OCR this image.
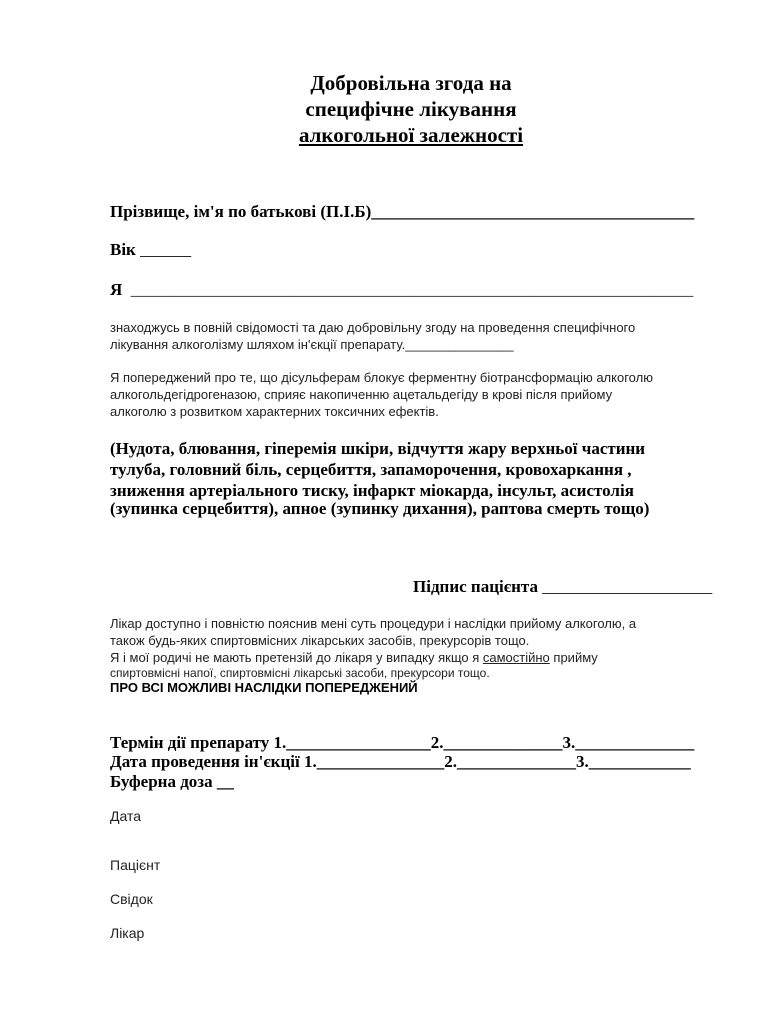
Добровільна згода на
специфічне лікування
алкогольної залежності
Прізвище, ім'я по батькові (П.І.Б)______________________________________
Вік ______
Я ___________________________________________________________________________
знаходжусь в повній свідомості та даю добровільну згоду на проведення специфічного
лікування алкоголізму шляхом ін'єкції препарату._______________
Я попереджений про те, що дісульферам блокує ферментну біотрансформацію алкоголю
алкогольдегідрогеназою, сприяє накопиченню ацетальдегіду в крові після прийому
алкоголю з розвитком характерних токсичних ефектів.
(Нудота, блювання, гіперемія шкіри, відчуття жару верхньої частини
тулуба, головний біль, серцебиття, запаморочення, кровохаркання ,
зниження артеріального тиску, інфаркт міокарда, інсульт, асистолія
(зупинка серцебиття), апное (зупинку дихання), раптова смерть тощо)
Підпис пацієнта ____________________
Лікар доступно і повністю пояснив мені суть процедури і наслідки прийому алкоголю, а
також будь-яких спиртовмісних лікарських засобів, прекурсорів тощо.
Я і мої родичі не мають претензій до лікаря у випадку якщо я самостійно прийму
спиртовмісні напої, спиртовмісні лікарські засоби, прекурсори тощо.
ПРО ВСІ МОЖЛИВІ НАСЛІДКИ ПОПЕРЕДЖЕНИЙ
Термін дії препарату 1._________________2.______________3.______________
Дата проведення ін'єкції 1._______________2.______________3.____________
Буферна доза __
Дата
Пацієнт
Свідок
Лікар
